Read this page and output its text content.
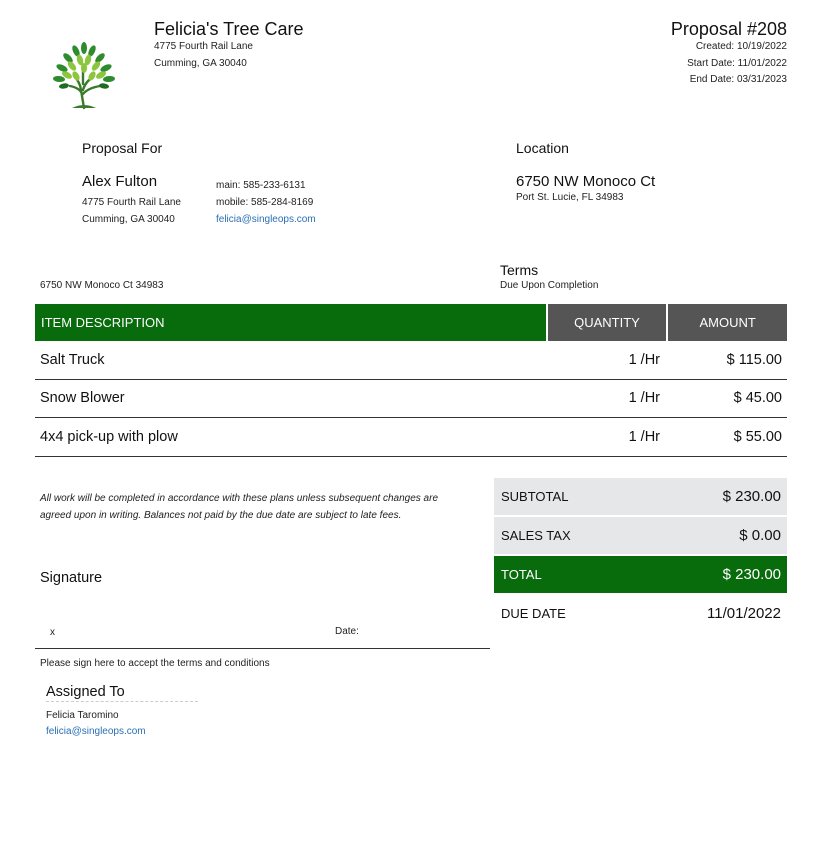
Felicia's Tree Care
4775 Fourth Rail Lane
Cumming, GA 30040
Proposal #208
Created: 10/19/2022
Start Date: 11/01/2022
End Date: 03/31/2023
Proposal For
Alex Fulton
4775 Fourth Rail Lane
Cumming, GA 30040
main: 585-233-6131
mobile: 585-284-8169
felicia@singleops.com
Location
6750 NW Monoco Ct
Port St. Lucie, FL 34983
6750 NW Monoco Ct 34983
Terms
Due Upon Completion
ITEM DESCRIPTION	QUANTITY	AMOUNT
Salt Truck	1 /Hr	$ 115.00
Snow Blower	1 /Hr	$ 45.00
4x4 pick-up with plow	1 /Hr	$ 55.00
All work will be completed in accordance with these plans unless subsequent changes are agreed upon in writing. Balances not paid by the due date are subject to late fees.
Signature
x	Date:
Please sign here to accept the terms and conditions
Assigned To
Felicia Taromino
felicia@singleops.com
SUBTOTAL	$ 230.00
SALES TAX	$ 0.00
TOTAL	$ 230.00
DUE DATE	11/01/2022
